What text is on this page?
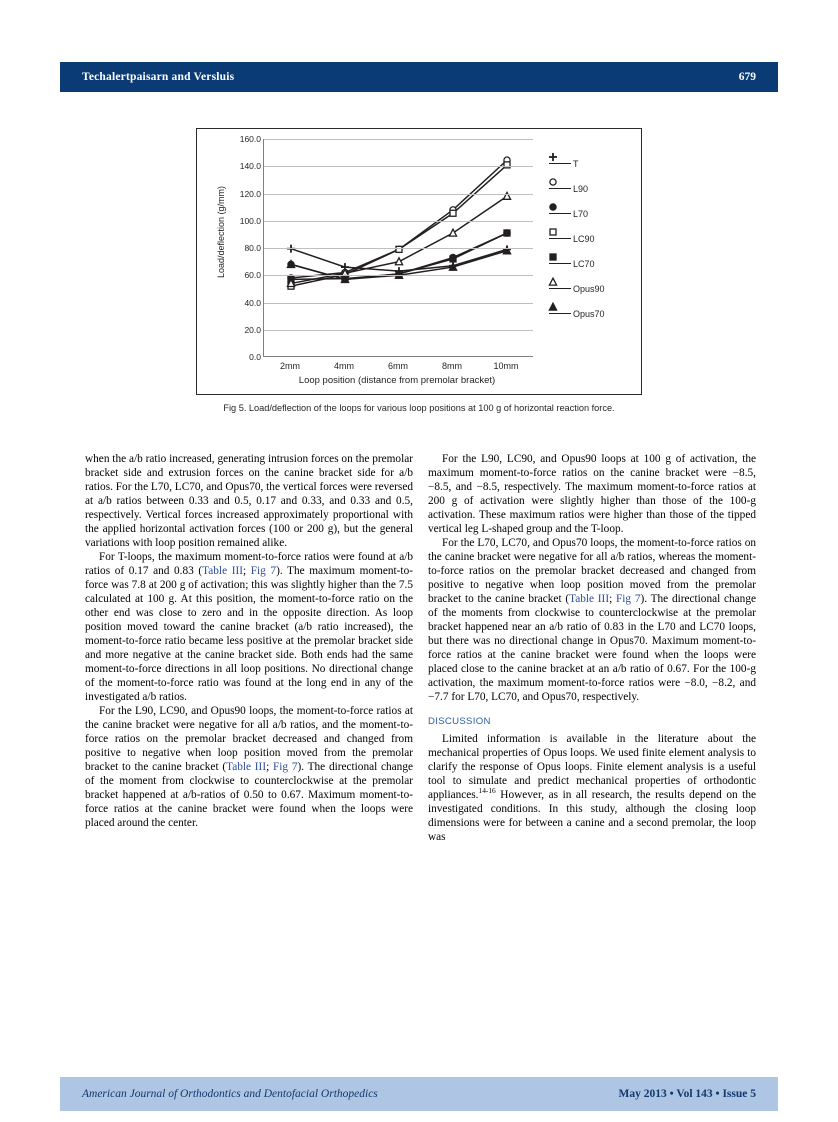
Techalertpaisarn and Versluis	679
Load/deflection (g/mm)
0.0
20.0
40.0
60.0
80.0
100.0
120.0
140.0
160.0
2mm	4mm	6mm	8mm	10mm
Loop position (distance from premolar bracket)
T
L90
L70
LC90
LC70
Opus90
Opus70
Fig 5. Load/deflection of the loops for various loop positions at 100 g of horizontal reaction force.

when the a/b ratio increased, generating intrusion forces on the premolar bracket side and extrusion forces on the canine bracket side for a/b ratios. For the L70, LC70, and Opus70, the vertical forces were reversed at a/b ratios between 0.33 and 0.5, 0.17 and 0.33, and 0.33 and 0.5, respectively. Vertical forces increased approximately proportional with the applied horizontal activation forces (100 or 200 g), but the general variations with loop position remained alike.

For T-loops, the maximum moment-to-force ratios were found at a/b ratios of 0.17 and 0.83 (Table III; Fig 7). The maximum moment-to-force was 7.8 at 200 g of activation; this was slightly higher than the 7.5 calculated at 100 g. At this position, the moment-to-force ratio on the other end was close to zero and in the opposite direction. As loop position moved toward the canine bracket (a/b ratio increased), the moment-to-force ratio became less positive at the premolar bracket side and more negative at the canine bracket side. Both ends had the same moment-to-force directions in all loop positions. No directional change of the moment-to-force ratio was found at the long end in any of the investigated a/b ratios.

For the L90, LC90, and Opus90 loops, the moment-to-force ratios at the canine bracket were negative for all a/b ratios, and the moment-to-force ratios on the premolar bracket decreased and changed from positive to negative when loop position moved from the premolar bracket to the canine bracket (Table III; Fig 7). The directional change of the moment from clockwise to counterclockwise at the premolar bracket happened at a/b-ratios of 0.50 to 0.67. Maximum moment-to-force ratios at the canine bracket were found when the loops were placed around the center.

For the L90, LC90, and Opus90 loops at 100 g of activation, the maximum moment-to-force ratios on the canine bracket were −8.5, −8.5, and −8.5, respectively. The maximum moment-to-force ratios at 200 g of activation were slightly higher than those of the 100-g activation. These maximum ratios were higher than those of the tipped vertical leg L-shaped group and the T-loop.

For the L70, LC70, and Opus70 loops, the moment-to-force ratios on the canine bracket were negative for all a/b ratios, whereas the moment-to-force ratios on the premolar bracket decreased and changed from positive to negative when loop position moved from the premolar bracket to the canine bracket (Table III; Fig 7). The directional change of the moments from clockwise to counterclockwise at the premolar bracket happened near an a/b ratio of 0.83 in the L70 and LC70 loops, but there was no directional change in Opus70. Maximum moment-to-force ratios at the canine bracket were found when the loops were placed close to the canine bracket at an a/b ratio of 0.67. For the 100-g activation, the maximum moment-to-force ratios were −8.0, −8.2, and −7.7 for L70, LC70, and Opus70, respectively.

DISCUSSION

Limited information is available in the literature about the mechanical properties of Opus loops. We used finite element analysis to clarify the response of Opus loops. Finite element analysis is a useful tool to simulate and predict mechanical properties of orthodontic appliances.$^{14-16}$ However, as in all research, the results depend on the investigated conditions. In this study, although the closing loop dimensions were for between a canine and a second premolar, the loop was

American Journal of Orthodontics and Dentofacial Orthopedics	May 2013 • Vol 143 • Issue 5
